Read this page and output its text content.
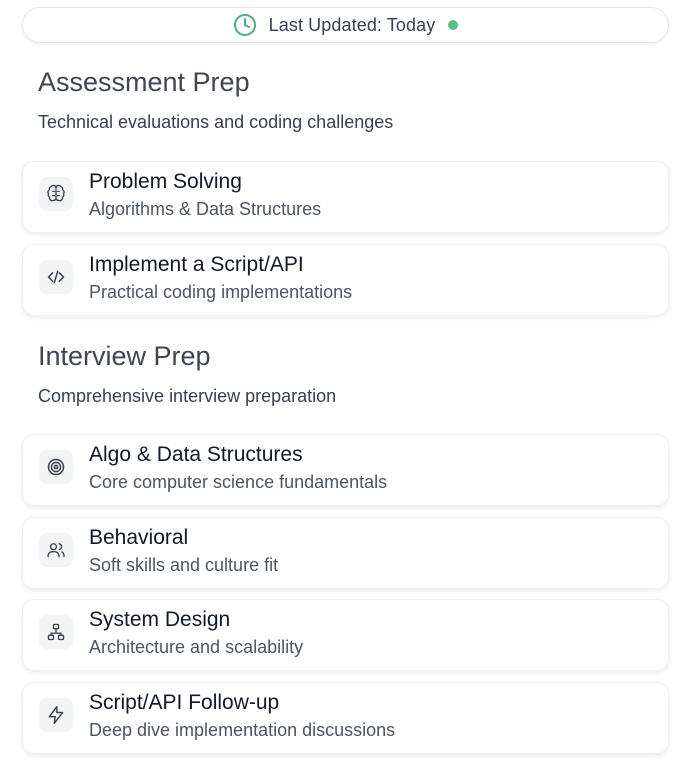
Last Updated: Today
Assessment Prep
Technical evaluations and coding challenges
Problem Solving
Algorithms & Data Structures
Implement a Script/API
Practical coding implementations
Interview Prep
Comprehensive interview preparation
Algo & Data Structures
Core computer science fundamentals
Behavioral
Soft skills and culture fit
System Design
Architecture and scalability
Script/API Follow-up
Deep dive implementation discussions
